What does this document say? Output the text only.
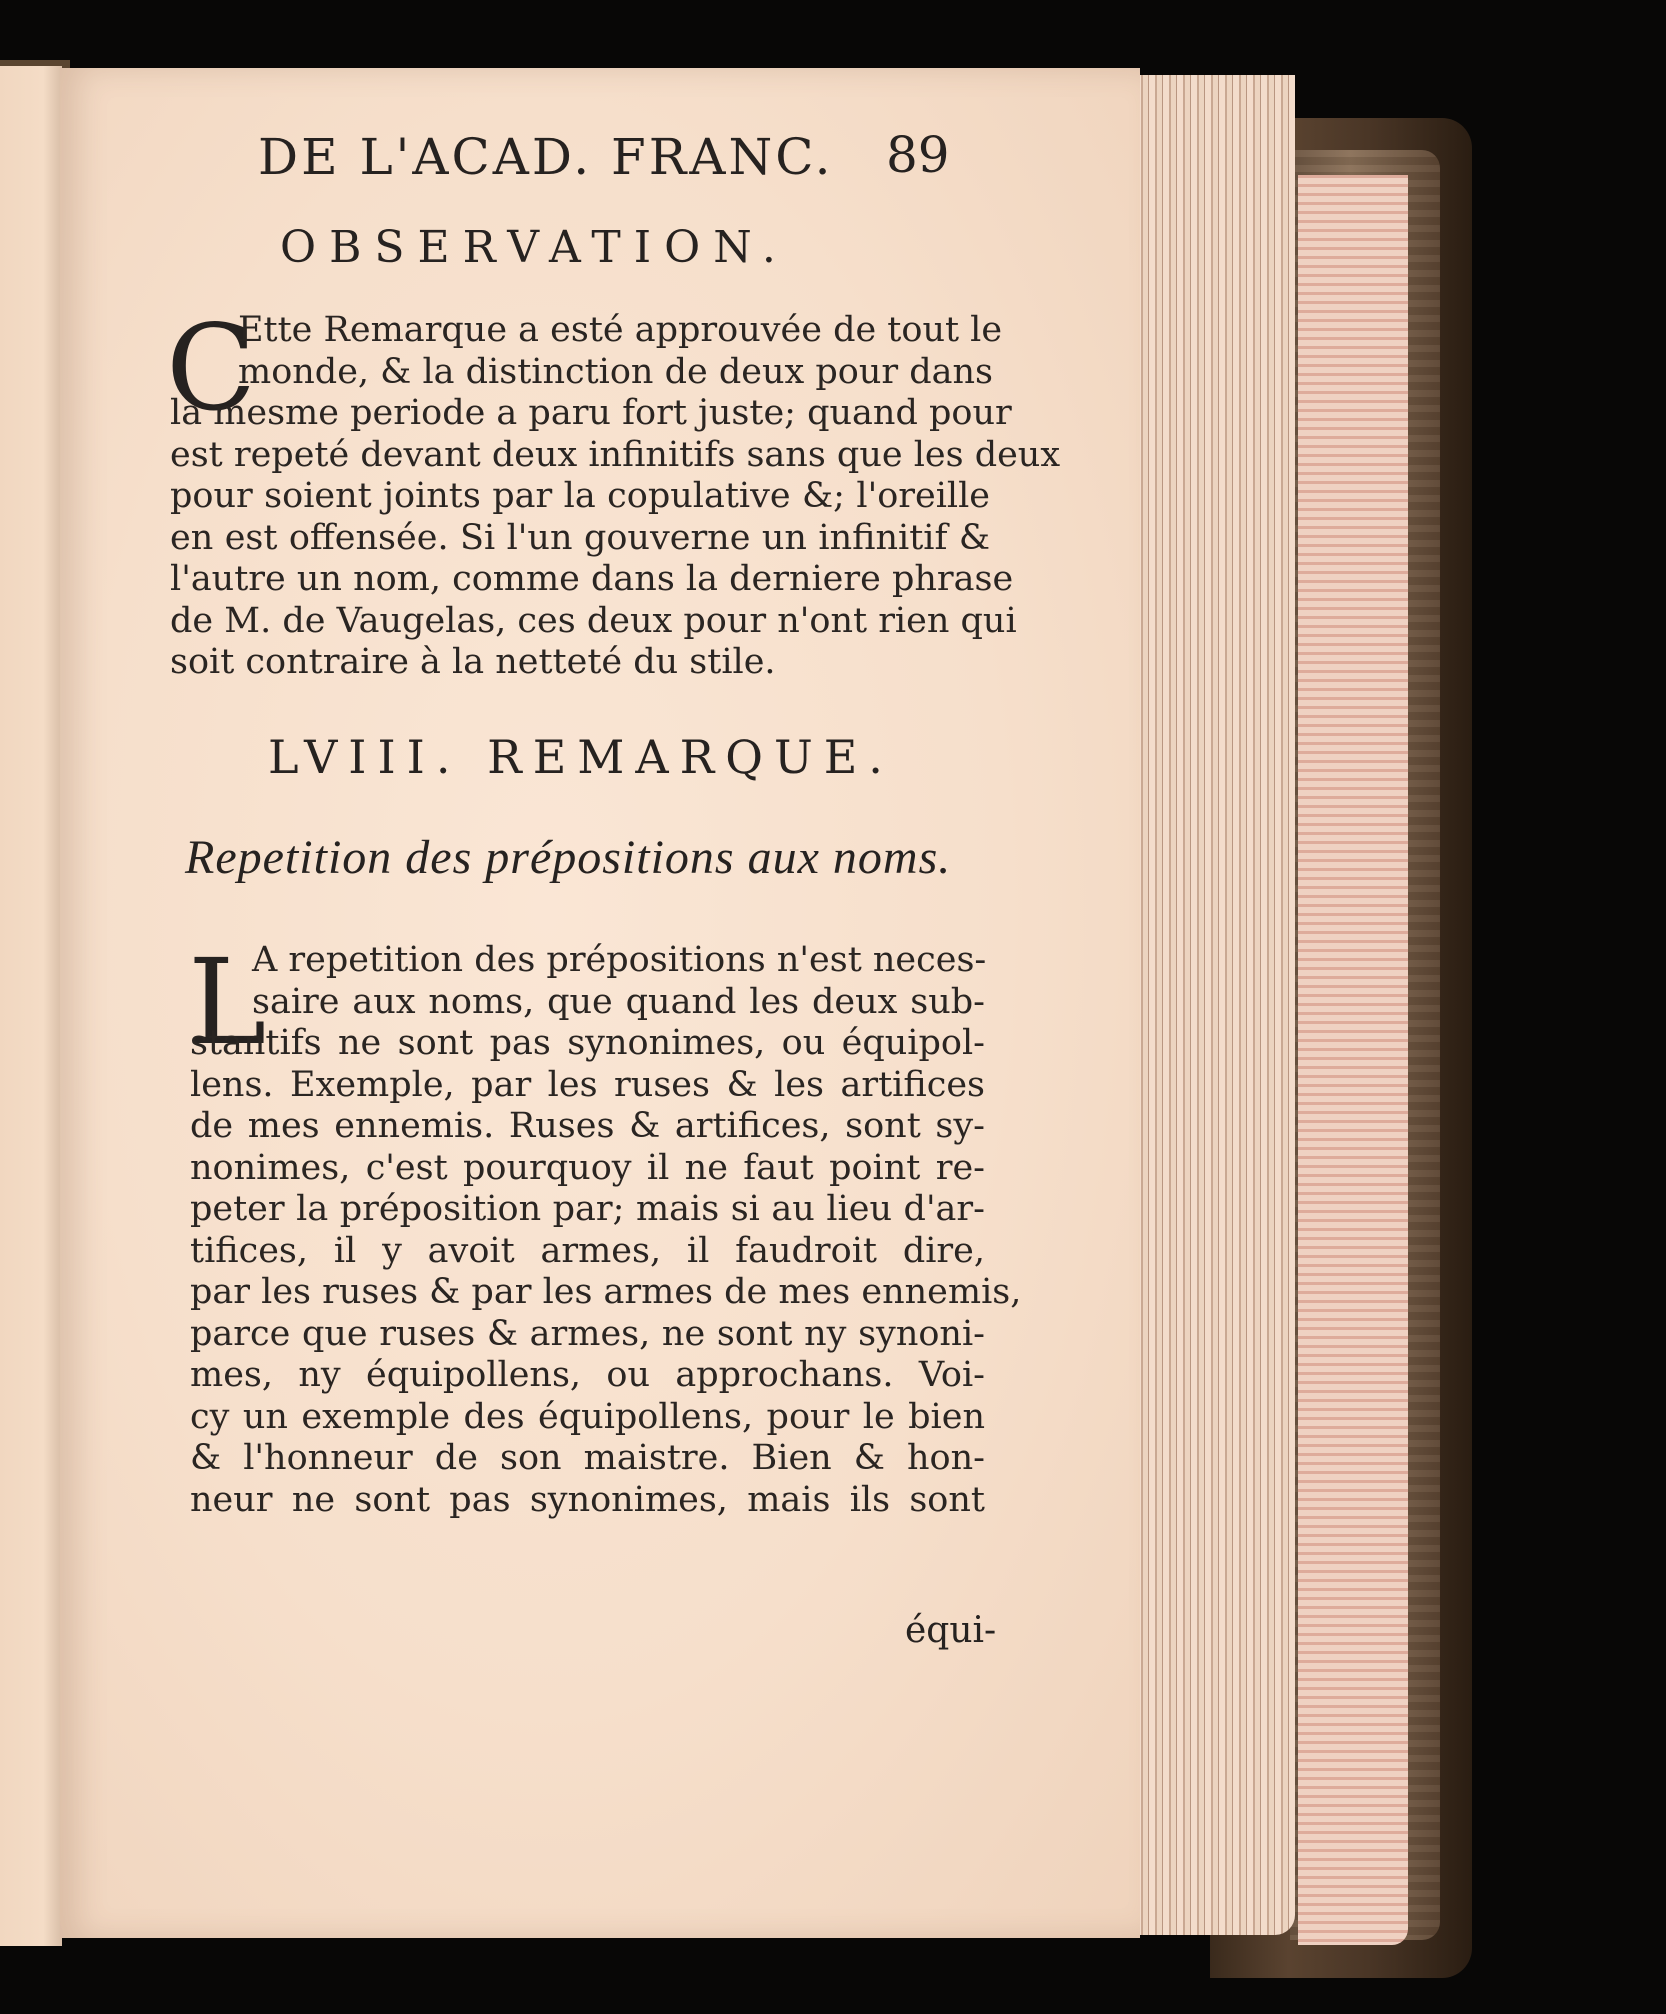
DE L'ACAD. FRANC. 89
OBSERVATION.
C
Ette Remarque a esté approuvée de tout le
monde, & la distinction de deux pour dans
la mesme periode a paru fort juste; quand pour
est repeté devant deux infinitifs sans que les deux
pour soient joints par la copulative &; l'oreille
en est offensée. Si l'un gouverne un infinitif &
l'autre un nom, comme dans la derniere phrase
de M. de Vaugelas, ces deux pour n'ont rien qui
soit contraire à la netteté du stile.
LVIII. REMARQUE.
Repetition des prépositions aux noms.
L
A repetition des prépositions n'est neces-
saire aux noms, que quand les deux sub-
stantifs ne sont pas synonimes, ou équipol-
lens. Exemple, par les ruses & les artifices
de mes ennemis. Ruses & artifices, sont sy-
nonimes, c'est pourquoy il ne faut point re-
peter la préposition par; mais si au lieu d'ar-
tifices, il y avoit armes, il faudroit dire,
par les ruses & par les armes de mes ennemis,
parce que ruses & armes, ne sont ny synoni-
mes, ny équipollens, ou approchans. Voi-
cy un exemple des équipollens, pour le bien
& l'honneur de son maistre. Bien & hon-
neur ne sont pas synonimes, mais ils sont
équi-
